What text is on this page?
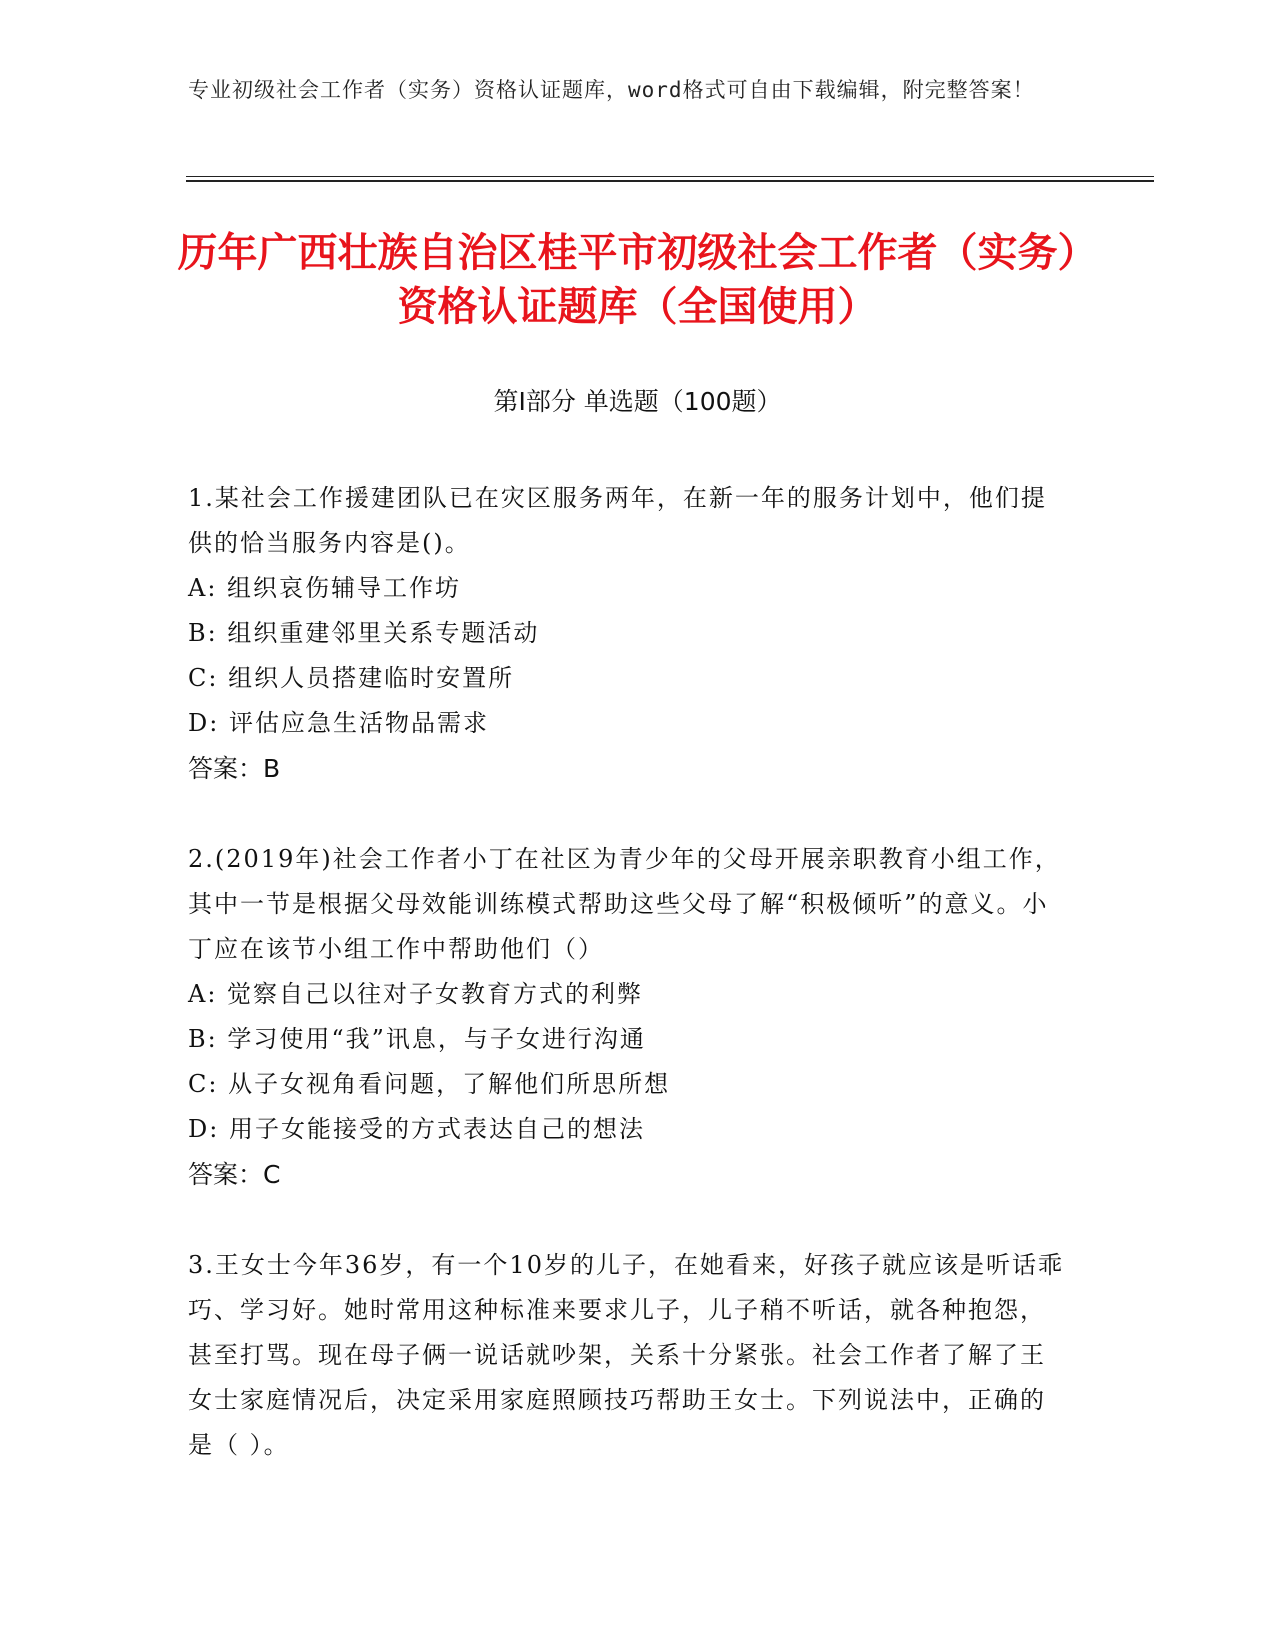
专业初级社会工作者（实务）资格认证题库，word格式可自由下载编辑，附完整答案！
历年广西壮族自治区桂平市初级社会工作者（实务）资格认证题库（全国使用）
第Ⅰ部分 单选题（100题）
1.某社会工作援建团队已在灾区服务两年，在新一年的服务计划中，他们提供的恰当服务内容是()。
A: 组织哀伤辅导工作坊
B: 组织重建邻里关系专题活动
C: 组织人员搭建临时安置所
D: 评估应急生活物品需求
答案：B
2.(2019年)社会工作者小丁在社区为青少年的父母开展亲职教育小组工作，其中一节是根据父母效能训练模式帮助这些父母了解“积极倾听”的意义。小丁应在该节小组工作中帮助他们（）
A: 觉察自己以往对子女教育方式的利弊
B: 学习使用“我”讯息，与子女进行沟通
C: 从子女视角看问题，了解他们所思所想
D: 用子女能接受的方式表达自己的想法
答案：C
3.王女士今年36岁，有一个10岁的儿子，在她看来，好孩子就应该是听话乖巧、学习好。她时常用这种标准来要求儿子，儿子稍不听话，就各种抱怨，甚至打骂。现在母子俩一说话就吵架，关系十分紧张。社会工作者了解了王女士家庭情况后，决定采用家庭照顾技巧帮助王女士。下列说法中，正确的是（ ）。
